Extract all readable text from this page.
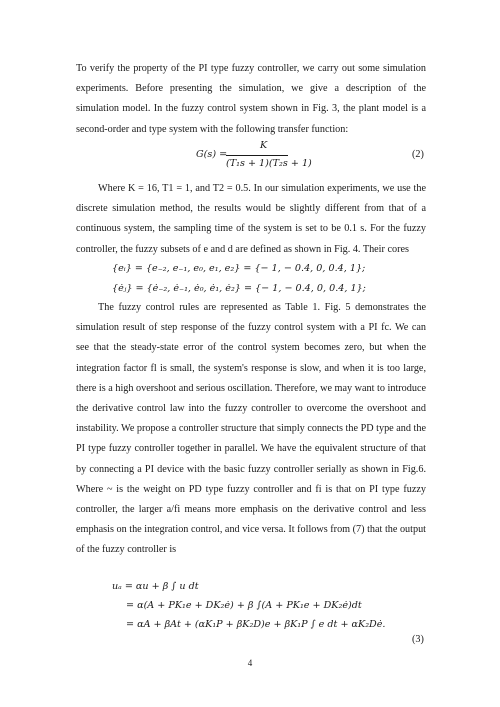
To verify the property of the PI type fuzzy controller, we carry out some simulation experiments. Before presenting the simulation, we give a description of the simulation model. In the fuzzy control system shown in Fig. 3, the plant model is a second-order and type system with the following transfer function:

G(s) =
K
(T₁s + 1)(T₂s + 1)
(2)

Where K = 16, T1 = 1, and T2 = 0.5. In our simulation experiments, we use the discrete simulation method, the results would be slightly different from that of a continuous system, the sampling time of the system is set to be 0.1 s. For the fuzzy controller, the fuzzy subsets of e and d are defined as shown in Fig. 4. Their cores

{eᵢ} = {e₋₂, e₋₁, e₀, e₁, e₂} = {− 1, − 0.4, 0, 0.4, 1};
{ėⱼ} = {ė₋₂, ė₋₁, ė₀, ė₁, ė₂} = {− 1, − 0.4, 0, 0.4, 1};

The fuzzy control rules are represented as Table 1. Fig. 5 demonstrates the simulation result of step response of the fuzzy control system with a PI fc. We can see that the steady-state error of the control system becomes zero, but when the integration factor fl is small, the system's response is slow, and when it is too large, there is a high overshoot and serious oscillation. Therefore, we may want to introduce the derivative control law into the fuzzy controller to overcome the overshoot and instability. We propose a controller structure that simply connects the PD type and the PI type fuzzy controller together in parallel. We have the equivalent structure of that by connecting a PI device with the basic fuzzy controller serially as shown in Fig.6. Where ~ is the weight on PD type fuzzy controller and fi is that on PI type fuzzy controller, the larger a/fi means more emphasis on the derivative control and less emphasis on the integration control, and vice versa. It follows from (7) that the output of the fuzzy controller is

uₐ = αu + β ∫ u dt
= α(A + PK₁e + DK₂ė) + β ∫(A + PK₁e + DK₂ė)dt
= αA + βAt + (αK₁P + βK₂D)e + βK₁P ∫ e dt + αK₂Dė.
(3)
4
